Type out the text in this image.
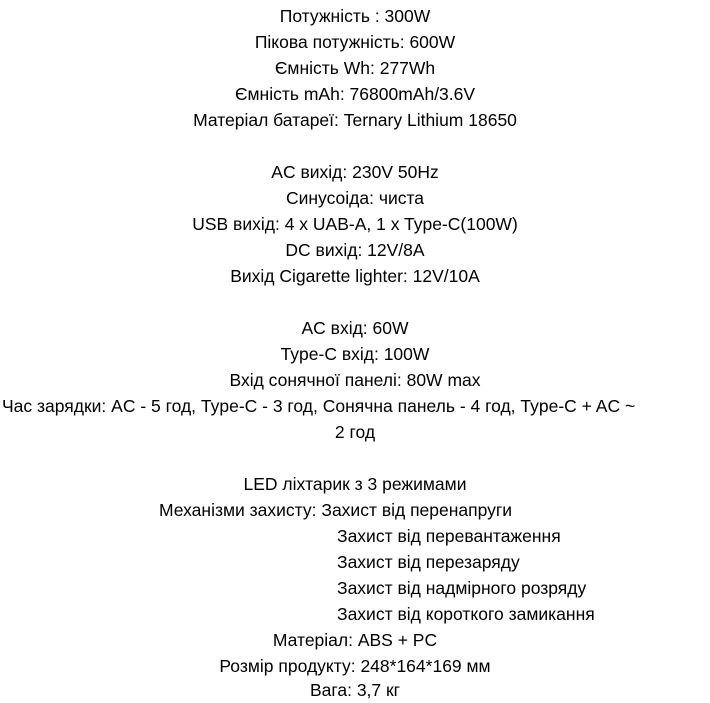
Потужність : 300W
Пікова потужність: 600W
Ємність Wh: 277Wh
Ємність mAh: 76800mAh/3.6V
Матеріал батареї: Ternary Lithium 18650
AC вихід: 230V 50Hz
Синусоіда: чиста
USB вихід: 4 x UAB-A, 1 x Type-C(100W)
DC вихід: 12V/8A
Вихід Cigarette lighter: 12V/10A
AC вхід: 60W
Type-C вхід: 100W
Вхід сонячної панелі: 80W max
Час зарядки: AC - 5 год, Type-C - 3 год, Сонячна панель - 4 год, Type-C + AC ~
2 год
LED ліхтарик з 3 режимами
Механізми захисту: Захист від перенапруги
Захист від перевантаження
Захист від перезаряду
Захист від надмірного розряду
Захист від короткого замикання
Матеріал: ABS + PC
Розмір продукту: 248*164*169 мм
Вага: 3,7 кг
